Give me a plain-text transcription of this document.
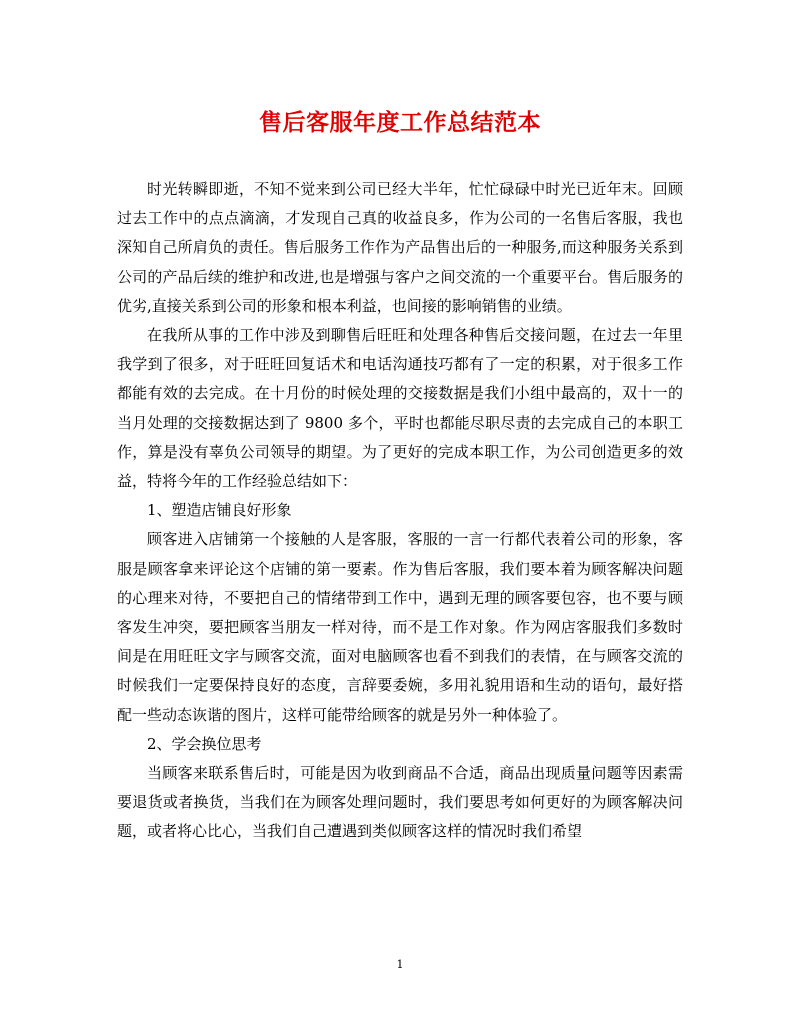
售后客服年度工作总结范本

时光转瞬即逝，不知不觉来到公司已经大半年，忙忙碌碌中时光已近年末。回顾过去工作中的点点滴滴，才发现自己真的收益良多，作为公司的一名售后客服，我也深知自己所肩负的责任。售后服务工作作为产品售出后的一种服务,而这种服务关系到公司的产品后续的维护和改进,也是增强与客户之间交流的一个重要平台。售后服务的优劣,直接关系到公司的形象和根本利益，也间接的影响销售的业绩。

在我所从事的工作中涉及到聊售后旺旺和处理各种售后交接问题，在过去一年里我学到了很多，对于旺旺回复话术和电话沟通技巧都有了一定的积累，对于很多工作都能有效的去完成。在十月份的时候处理的交接数据是我们小组中最高的，双十一的当月处理的交接数据达到了 9800 多个，平时也都能尽职尽责的去完成自己的本职工作，算是没有辜负公司领导的期望。为了更好的完成本职工作，为公司创造更多的效益，特将今年的工作经验总结如下：

1、塑造店铺良好形象

顾客进入店铺第一个接触的人是客服，客服的一言一行都代表着公司的形象，客服是顾客拿来评论这个店铺的第一要素。作为售后客服，我们要本着为顾客解决问题的心理来对待，不要把自己的情绪带到工作中，遇到无理的顾客要包容，也不要与顾客发生冲突，要把顾客当朋友一样对待，而不是工作对象。作为网店客服我们多数时间是在用旺旺文字与顾客交流，面对电脑顾客也看不到我们的表情，在与顾客交流的时候我们一定要保持良好的态度，言辞要委婉，多用礼貌用语和生动的语句，最好搭配一些动态诙谐的图片，这样可能带给顾客的就是另外一种体验了。

2、学会换位思考

当顾客来联系售后时，可能是因为收到商品不合适，商品出现质量问题等因素需要退货或者换货，当我们在为顾客处理问题时，我们要思考如何更好的为顾客解决问题，或者将心比心，当我们自己遭遇到类似顾客这样的情况时我们希望

1
